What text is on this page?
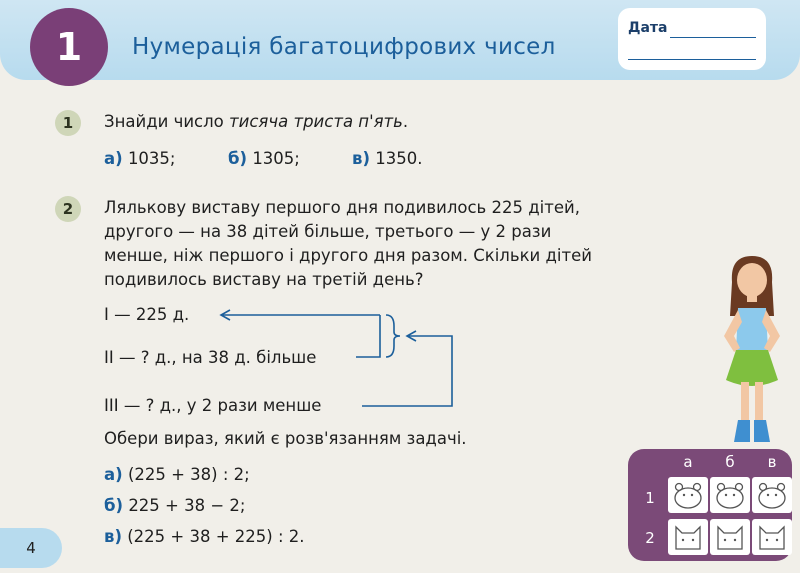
1	Нумерація багатоцифрових чисел
Дата
1	Знайди число тисяча триста п'ять.
а) 1035;	б) 1305;	в) 1350.
2	Лялькову виставу першого дня подивилось 225 дітей,
другого — на 38 дітей більше, третього — у 2 рази
менше, ніж першого і другого дня разом. Скільки дітей
подивилось виставу на третій день?
І — 225 д.
ІІ — ? д., на 38 д. більше
ІІІ — ? д., у 2 рази менше
Обери вираз, який є розв'язанням задачі.
а) (225 + 38) : 2;
б) 225 + 38 − 2;
в) (225 + 38 + 225) : 2.
4
а	б	в
1
2
